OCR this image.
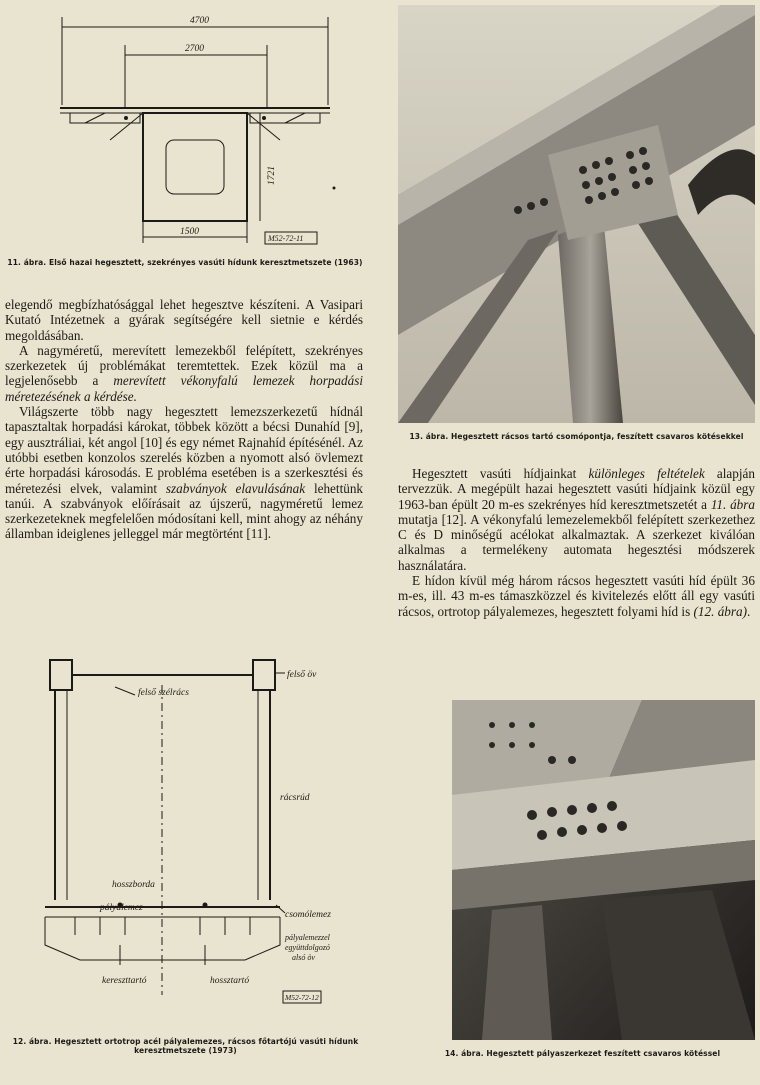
4700
2700
1721
1500
M52-72-11
11. ábra. Első hazai hegesztett, szekrényes vasúti hídunk keresztmetszete (1963)

elegendő megbízhatósággal lehet hegesztve készíteni. A Vasipari Kutató Intézetnek a gyárak segítségére kell sietnie e kérdés megoldásában.

A nagyméretű, merevített lemezekből felépített, szekrényes szerkezetek új problémákat teremtettek. Ezek közül ma a legjelenősebb a merevített vékonyfalú lemezek horpadási méretezésének a kérdése.

Világszerte több nagy hegesztett lemezszerkezetű hídnál tapasztaltak horpadási károkat, többek között a bécsi Dunahíd [9], egy ausztráliai, két angol [10] és egy német Rajnahíd építésénél. Az utóbbi esetben konzolos szerelés közben a nyomott alsó övlemezt érte horpadási károsodás. E probléma esetében is a szerkesztési és méretezési elvek, valamint szabványok elavulásának lehettünk tanúi. A szabványok előírásait az újszerű, nagyméretű lemez szerkezeteknek megfelelően módosítani kell, mint ahogy az néhány államban ideiglenes jelleggel már megtörtént [11].

felső szélrács
felső öv
rácsrúd
hosszborda
pályalemez
csomólemez
pályalemezzel
együttdolgozó
alsó öv
kereszttartó	hossztartó
M52-72-12
12. ábra. Hegesztett ortotrop acél pályalemezes, rácsos főtartójú vasúti hídunk keresztmetszete (1973)
13. ábra. Hegesztett rácsos tartó csomópontja, feszített csavaros kötésekkel

Hegesztett vasúti hídjainkat különleges feltételek alapján tervezzük. A megépült hazai hegesztett vasúti hídjaink közül egy 1963-ban épült 20 m-es szekrényes híd keresztmetszetét a 11. ábra mutatja [12]. A vékonyfalú lemezelemekből felépített szerkezethez C és D minőségű acélokat alkalmaztak. A szerkezet kiválóan alkalmas a termelékeny automata hegesztési módszerek használatára.

E hídon kívül még három rácsos hegesztett vasúti híd épült 36 m-es, ill. 43 m-es támaszközzel és kivitelezés előtt áll egy vasúti rácsos, ortrotop pályalemezes, hegesztett folyami híd is (12. ábra).

14. ábra. Hegesztett pályaszerkezet feszített csavaros kötéssel
